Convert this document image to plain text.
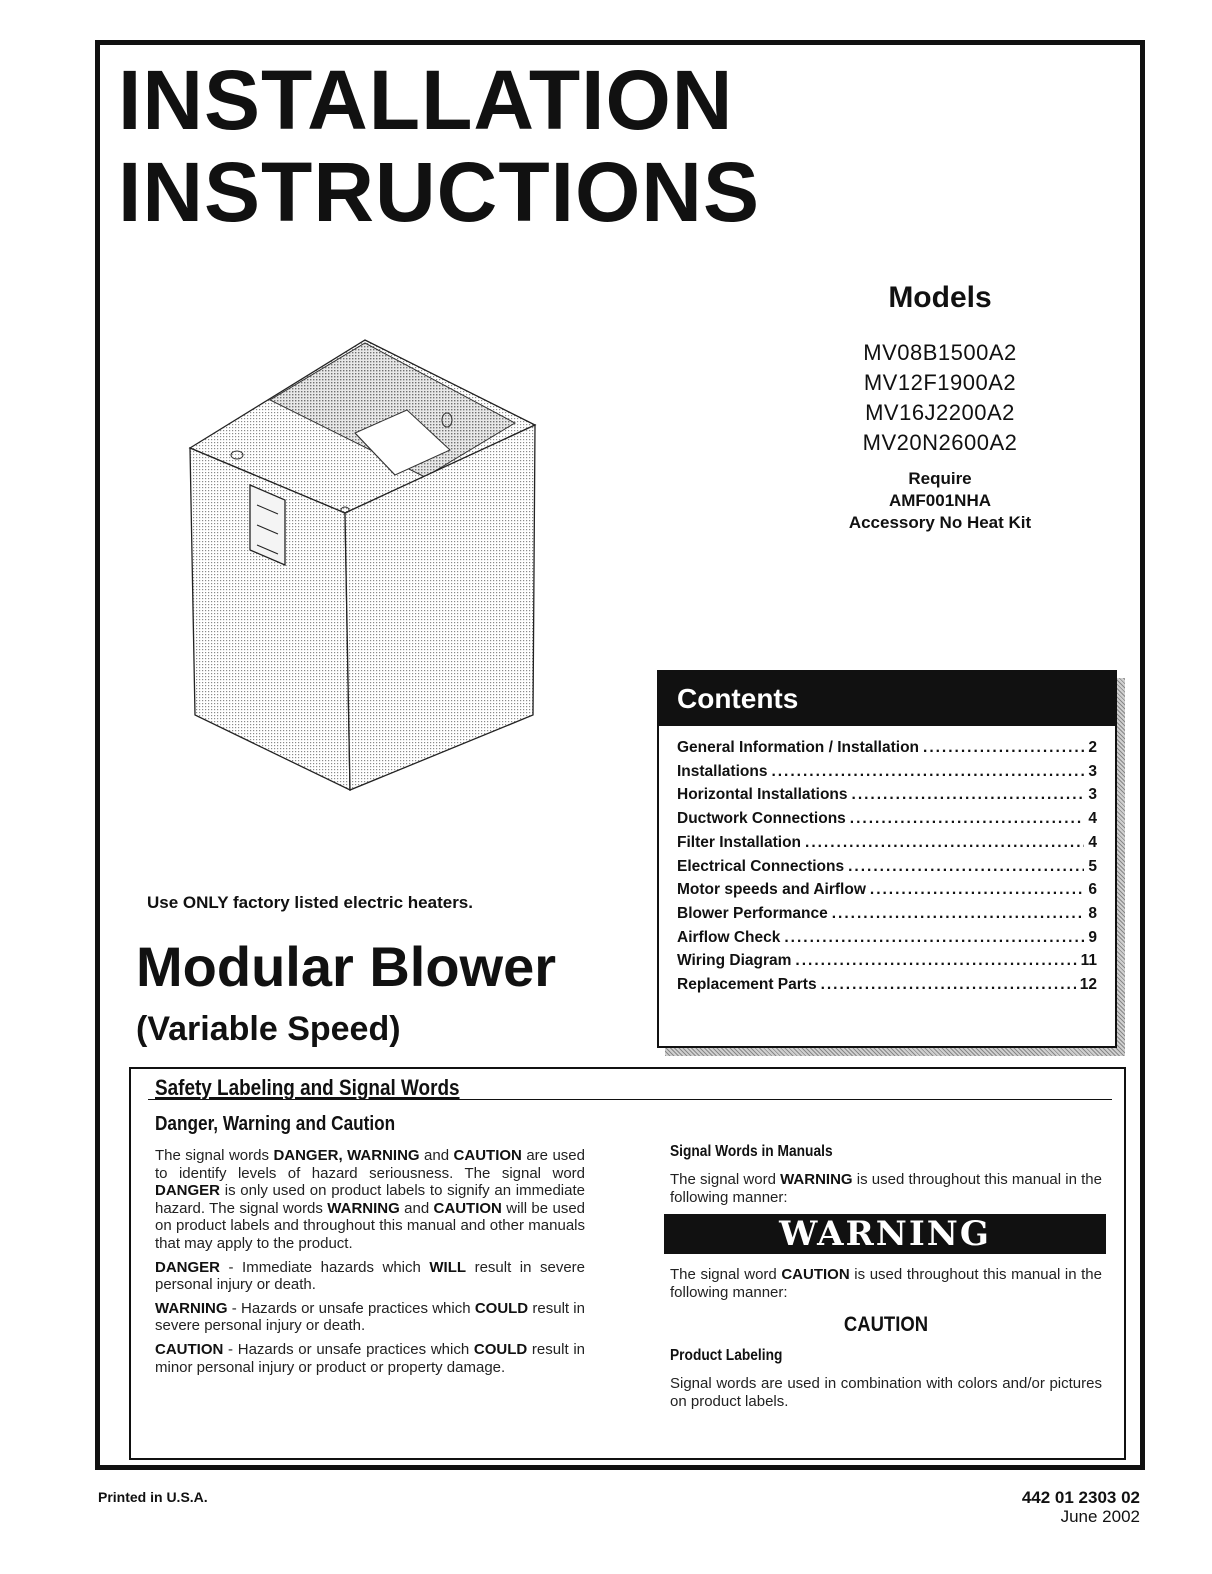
INSTALLATION
INSTRUCTIONS
Models
MV08B1500A2
MV12F1900A2
MV16J2200A2
MV20N2600A2
Require
AMF001NHA
Accessory No Heat Kit

Use ONLY factory listed electric heaters.

Modular Blower
(Variable Speed)
Contents
General Information / Installation .....	2
Installations .....	3
Horizontal Installations .....	3
Ductwork Connections .....	4
Filter Installation .....	4
Electrical Connections .....	5
Motor speeds and Airflow .....	6
Blower Performance .....	8
Airflow Check .....	9
Wiring Diagram .....	11
Replacement Parts .....	12
Safety Labeling and Signal Words
Danger, Warning and Caution

The signal words DANGER, WARNING and CAUTION are used to identify levels of hazard seriousness. The signal word DANGER is only used on product labels to signify an immediate hazard. The signal words WARNING and CAUTION will be used on product labels and throughout this manual and other manuals that may apply to the product.

DANGER - Immediate hazards which WILL result in severe personal injury or death.

WARNING - Hazards or unsafe practices which COULD result in severe personal injury or death.

CAUTION - Hazards or unsafe practices which COULD result in minor personal injury or product or property damage.

Signal Words in Manuals

The signal word WARNING is used throughout this manual in the following manner:

WARNING

The signal word CAUTION is used throughout this manual in the following manner:

CAUTION
Product Labeling

Signal words are used in combination with colors and/or pictures on product labels.

Printed in U.S.A.	442 01 2303 02

June 2002
